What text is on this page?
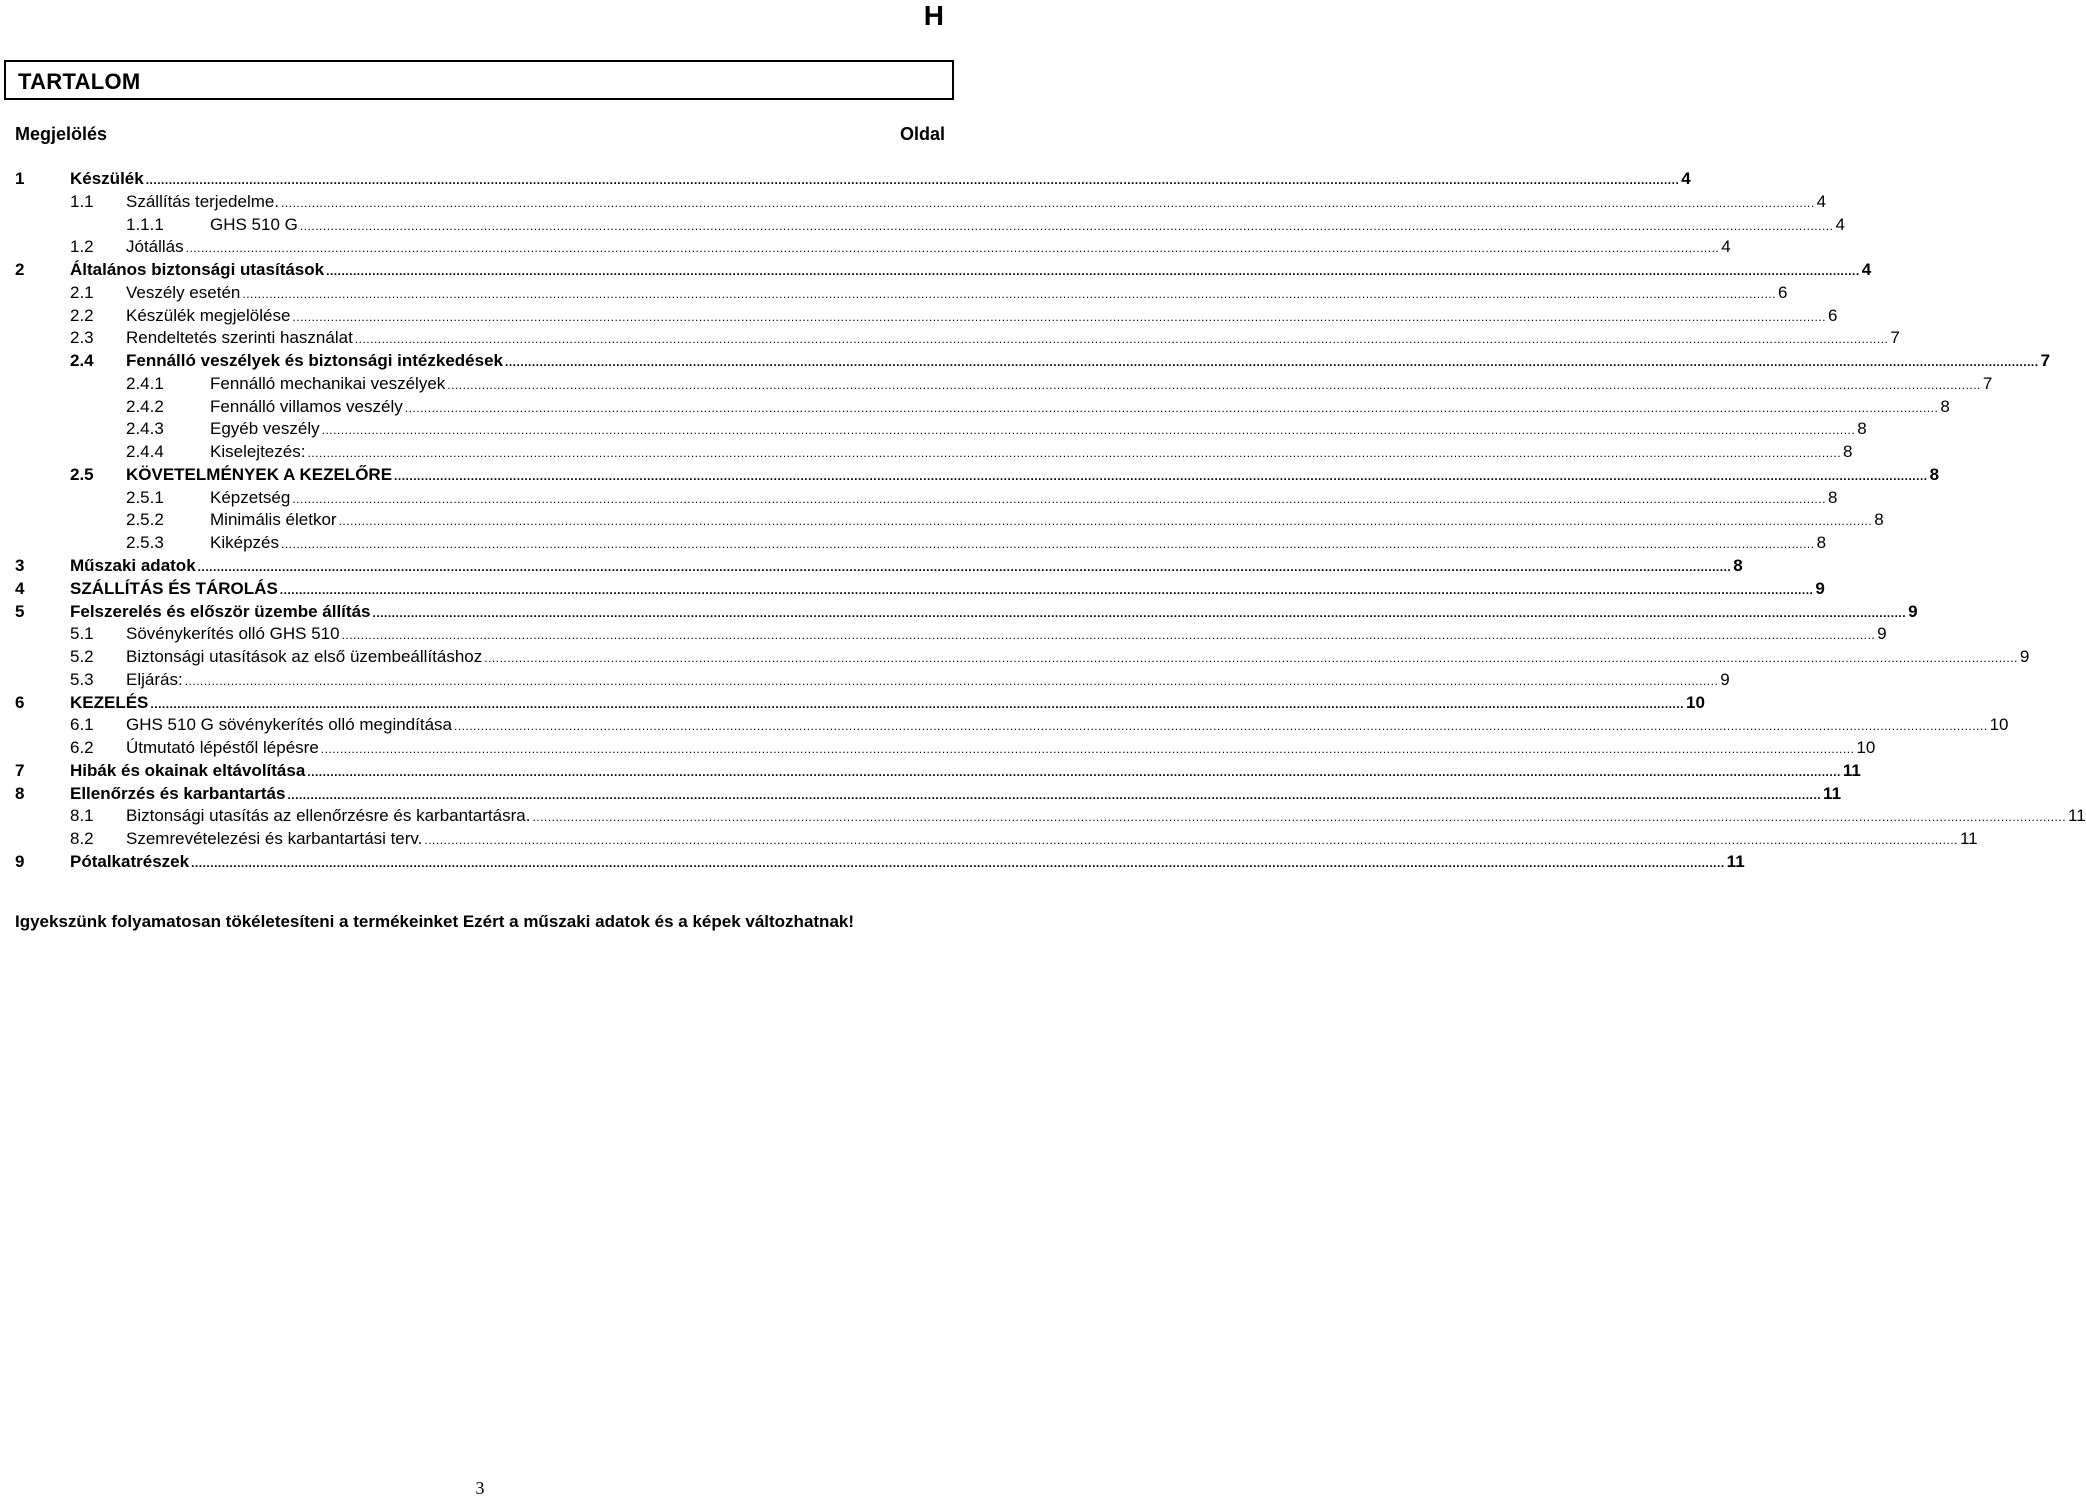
H
TARTALOM
Megjelölés	Oldal
1	Készülék ................................................................................................................................................................................................................................................................................................................................................................................................................ 4
1.1 Szállítás terjedelme. ................................................................................................................................................................................................................................................................................................................................................................................................................ 4
1.1.1	GHS 510 G ................................................................................................................................................................................................................................................................................................................................................................................................................ 4
1.2 Jótállás ................................................................................................................................................................................................................................................................................................................................................................................................................ 4
2	Általános biztonsági utasítások ................................................................................................................................................................................................................................................................................................................................................................................................................ 4
2.1 Veszély esetén ................................................................................................................................................................................................................................................................................................................................................................................................................ 6
2.2 Készülék megjelölése ................................................................................................................................................................................................................................................................................................................................................................................................................ 6
2.3 Rendeltetés szerinti használat ................................................................................................................................................................................................................................................................................................................................................................................................................ 7
2.4 Fennálló veszélyek és biztonsági intézkedések ................................................................................................................................................................................................................................................................................................................................................................................................................ 7
2.4.1	Fennálló mechanikai veszélyek ................................................................................................................................................................................................................................................................................................................................................................................................................ 7
2.4.2	Fennálló villamos veszély ................................................................................................................................................................................................................................................................................................................................................................................................................ 8
2.4.3	Egyéb veszély ................................................................................................................................................................................................................................................................................................................................................................................................................ 8
2.4.4	Kiselejtezés: ................................................................................................................................................................................................................................................................................................................................................................................................................ 8
2.5 KÖVETELMÉNYEK A KEZELŐRE ................................................................................................................................................................................................................................................................................................................................................................................................................ 8
2.5.1	Képzetség ................................................................................................................................................................................................................................................................................................................................................................................................................ 8
2.5.2	Minimális életkor ................................................................................................................................................................................................................................................................................................................................................................................................................ 8
2.5.3	Kiképzés ................................................................................................................................................................................................................................................................................................................................................................................................................ 8
3	Műszaki adatok ................................................................................................................................................................................................................................................................................................................................................................................................................ 8
4	SZÁLLÍTÁS ÉS TÁROLÁS ................................................................................................................................................................................................................................................................................................................................................................................................................ 9
5	Felszerelés és először üzembe állítás ................................................................................................................................................................................................................................................................................................................................................................................................................ 9
5.1 Sövénykerítés olló GHS 510 ................................................................................................................................................................................................................................................................................................................................................................................................................ 9
5.2 Biztonsági utasítások az első üzembeállításhoz ................................................................................................................................................................................................................................................................................................................................................................................................................ 9
5.3 Eljárás: ................................................................................................................................................................................................................................................................................................................................................................................................................ 9
6	KEZELÉS ................................................................................................................................................................................................................................................................................................................................................................................................................ 10
6.1 GHS 510 G sövénykerítés olló megindítása ................................................................................................................................................................................................................................................................................................................................................................................................................ 10
6.2 Útmutató lépéstől lépésre ................................................................................................................................................................................................................................................................................................................................................................................................................ 10
7	Hibák és okainak eltávolítása ................................................................................................................................................................................................................................................................................................................................................................................................................ 11
8	Ellenőrzés és karbantartás ................................................................................................................................................................................................................................................................................................................................................................................................................ 11
8.1 Biztonsági utasítás az ellenőrzésre és karbantartásra. ................................................................................................................................................................................................................................................................................................................................................................................................................ 11
8.2 Szemrevételezési és karbantartási terv. ................................................................................................................................................................................................................................................................................................................................................................................................................ 11
9	Pótalkatrészek ................................................................................................................................................................................................................................................................................................................................................................................................................ 11
Igyekszünk folyamatosan tökéletesíteni a termékeinket Ezért a műszaki adatok és a képek változhatnak!
3
